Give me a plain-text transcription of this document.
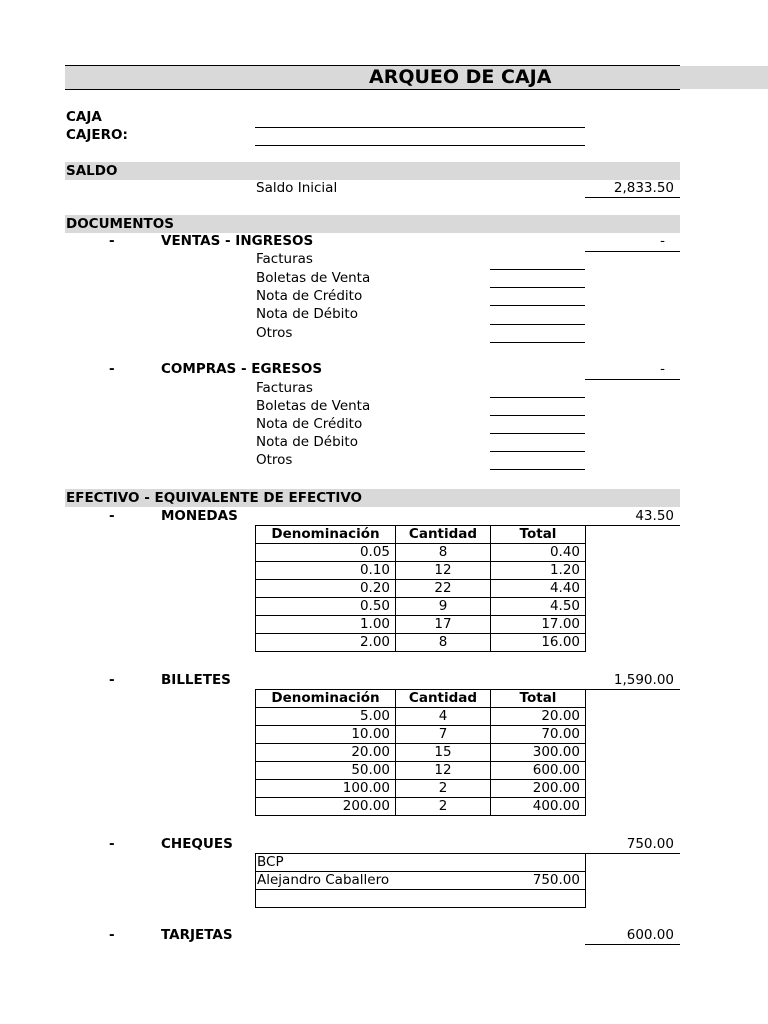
ARQUEO DE CAJA
CAJA
CAJERO:
SALDO
Saldo Inicial	2,833.50
DOCUMENTOS
-	VENTAS - INGRESOS	-
Facturas
Boletas de Venta
Nota de Crédito
Nota de Débito
Otros
-	COMPRAS - EGRESOS	-
Facturas
Boletas de Venta
Nota de Crédito
Nota de Débito
Otros
EFECTIVO - EQUIVALENTE DE EFECTIVO
-	MONEDAS	43.50
Denominación	Cantidad	Total
0.05	8	0.40
0.10	12	1.20
0.20	22	4.40
0.50	9	4.50
1.00	17	17.00
2.00	8	16.00
-	BILLETES	1,590.00
Denominación	Cantidad	Total
5.00	4	20.00
10.00	7	70.00
20.00	15	300.00
50.00	12	600.00
100.00	2	200.00
200.00	2	400.00
-	CHEQUES	750.00
BCP
Alejandro Caballero	750.00

-	TARJETAS	600.00
